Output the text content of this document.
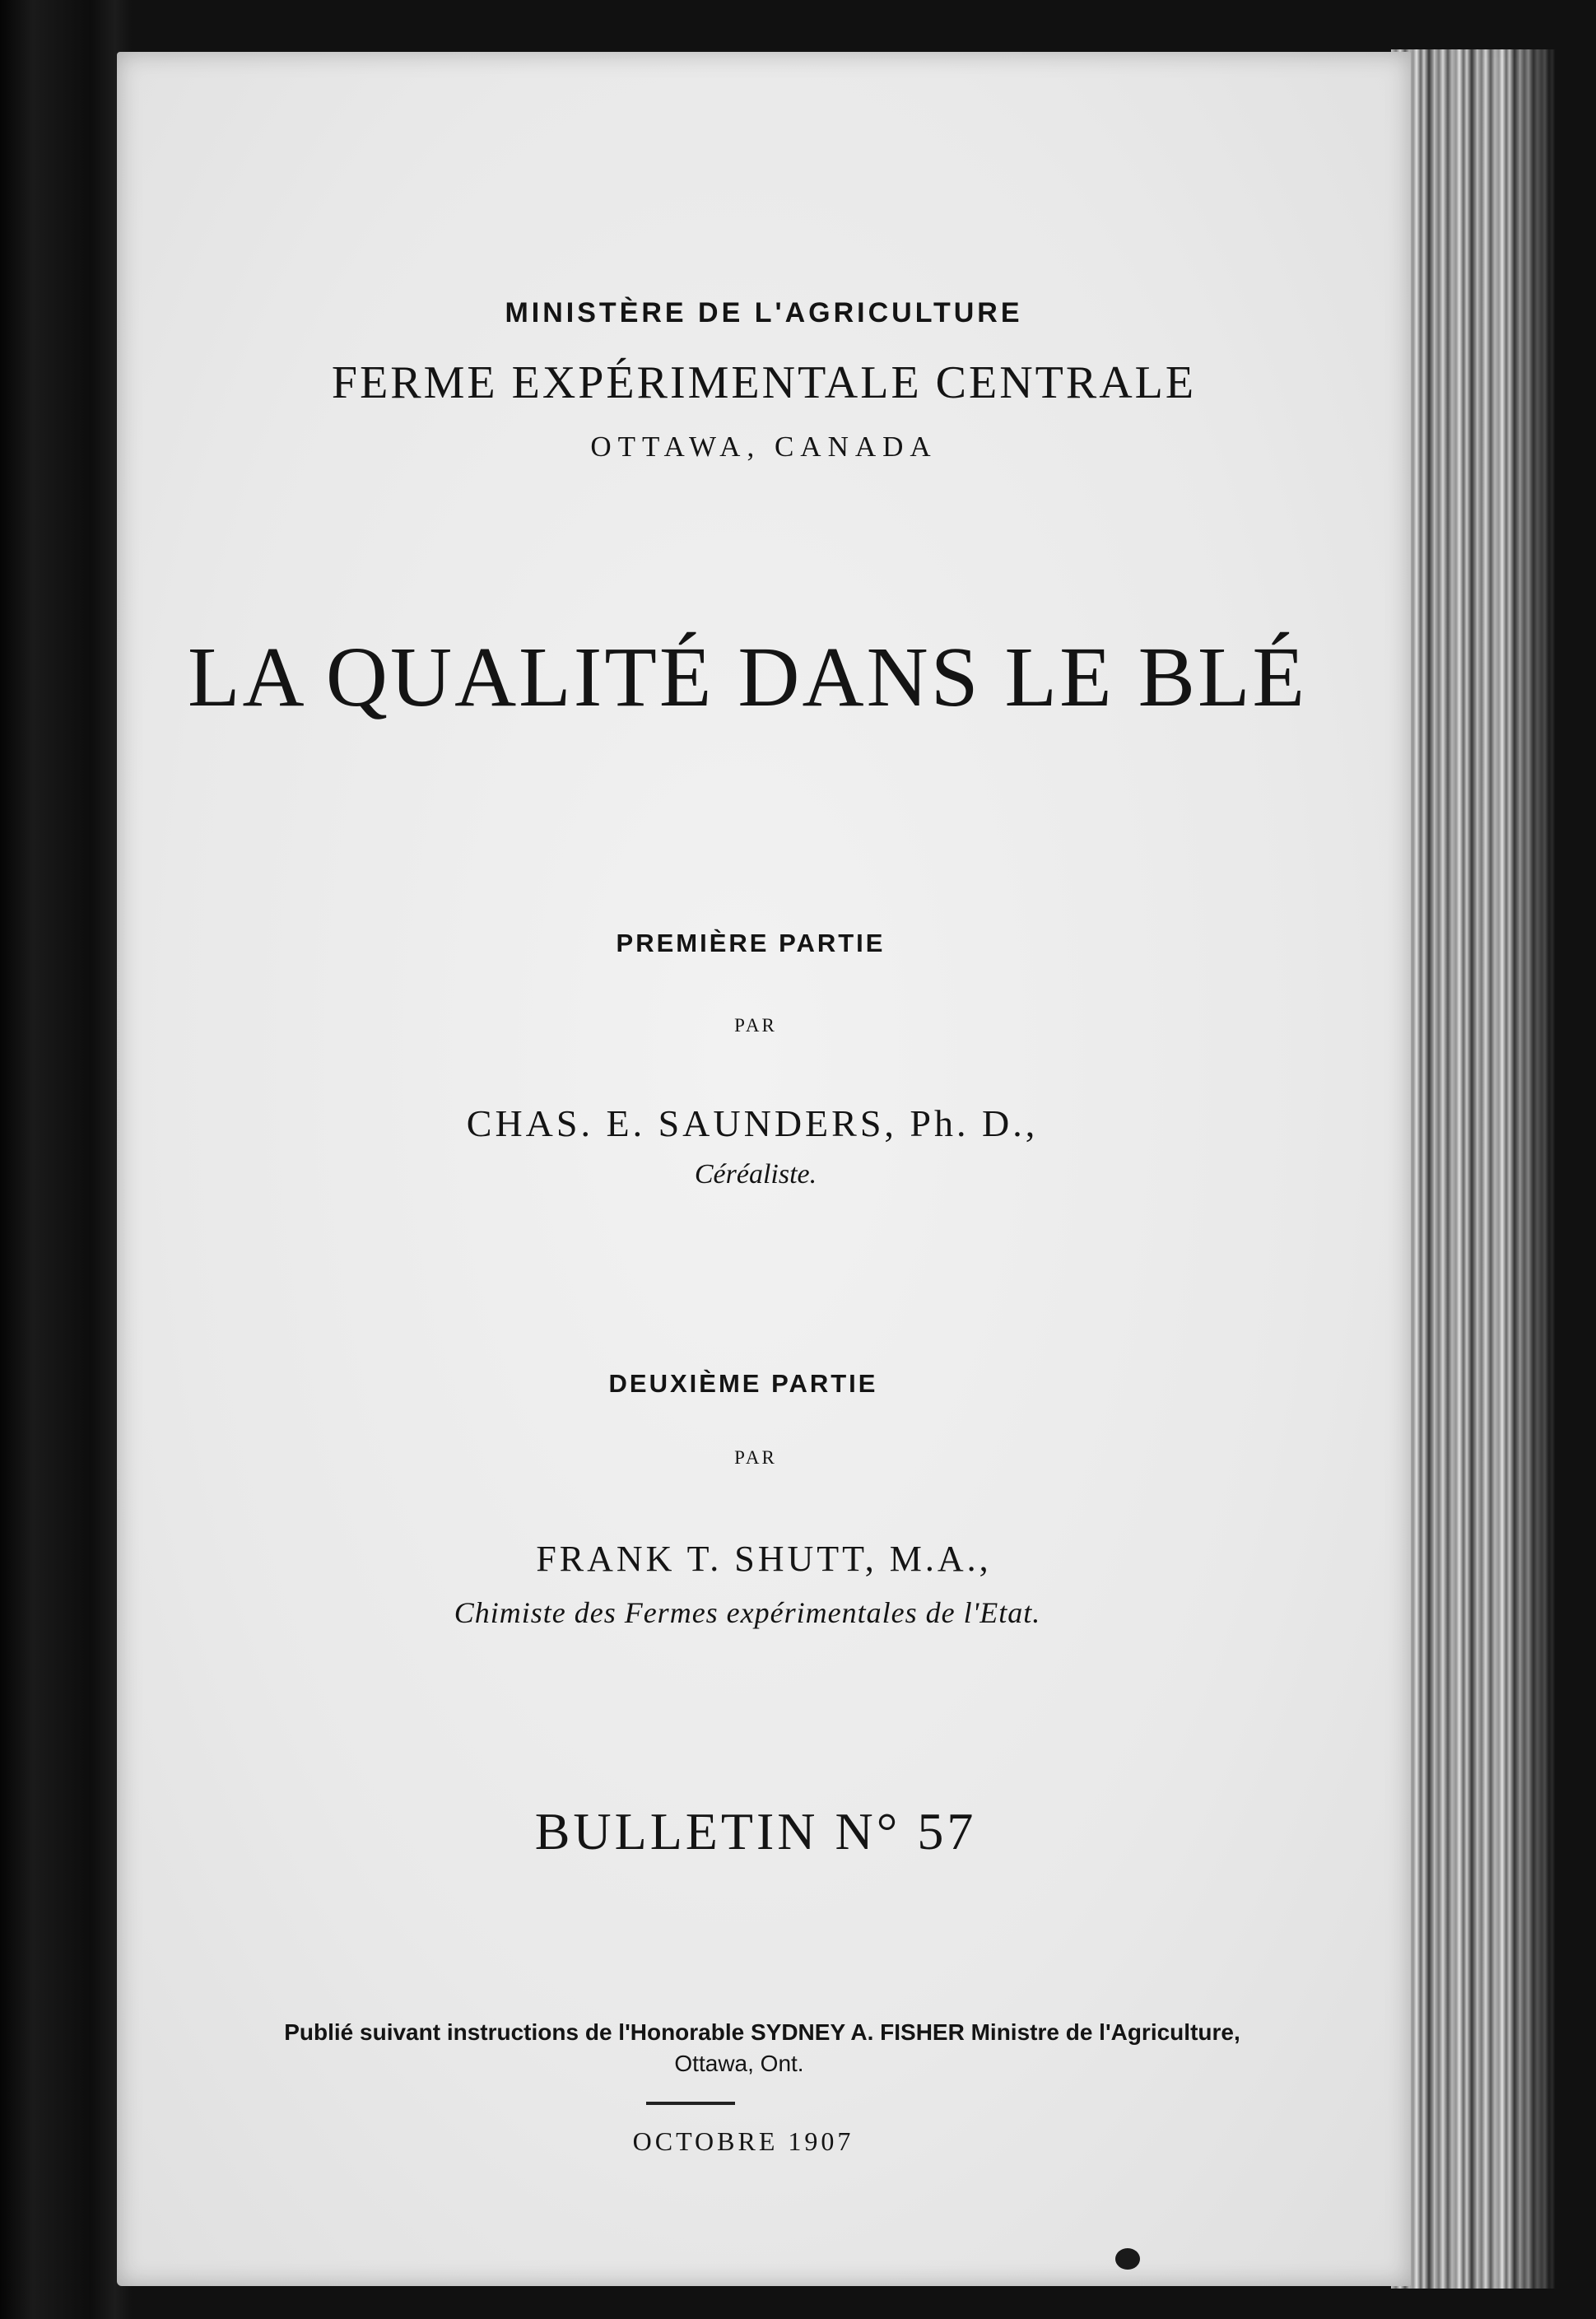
MINISTÈRE DE L'AGRICULTURE
FERME EXPÉRIMENTALE CENTRALE
OTTAWA, CANADA
LA QUALITÉ DANS LE BLÉ
PREMIÈRE PARTIE
PAR
CHAS. E. SAUNDERS, Ph. D.,
Céréaliste.
DEUXIÈME PARTIE
PAR
FRANK T. SHUTT, M.A.,
Chimiste des Fermes expérimentales de l'Etat.
BULLETIN N° 57
Publié suivant instructions de l'Honorable SYDNEY A. FISHER Ministre de l'Agriculture,
Ottawa, Ont.
OCTOBRE 1907
